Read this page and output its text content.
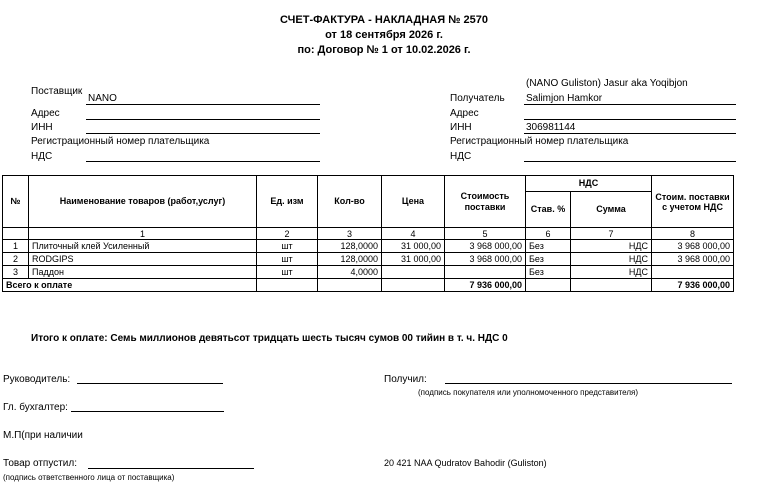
СЧЕТ-ФАКТУРА - НАКЛАДНАЯ № 2570
от 18 сентября 2026 г.
по: Договор № 1 от 10.02.2026 г.
Поставщик
NANO
Адрес
ИНН
Регистрационный номер плательщика
НДС
(NANO Guliston) Jasur aka Yoqibjon
Получатель Salimjon Hamkor
Адрес
ИНН	306981144
Регистрационный номер плательщика
НДС
№	Наименование товаров (работ,услуг)	Ед. изм	Кол-во	Цена	Стоимость поставки	НДС		Стоим. поставки с учетом НДС
						Став. %	Сумма	
	1	2	3	4	5	6	7	8
1	Плиточный клей Усиленный	шт	128,0000	31 000,00	3 968 000,00	Без	НДС	3 968 000,00
2	RODGIPS	шт	128,0000	31 000,00	3 968 000,00	Без	НДС	3 968 000,00
3	Паддон	шт	4,0000			Без	НДС	
Всего к оплате					7 936 000,00			7 936 000,00
Итого к оплате: Семь миллионов девятьсот тридцать шесть тысяч сумов 00 тийин в т. ч. НДС 0
Руководитель:
Гл. бухгалтер:
М.П(при наличии
Товар отпустил:
(подпись ответственного лица от поставщика)
Получил:
(подпись покупателя или уполномоченного представителя)
20 421 NAA Qudratov Bahodir (Guliston)
